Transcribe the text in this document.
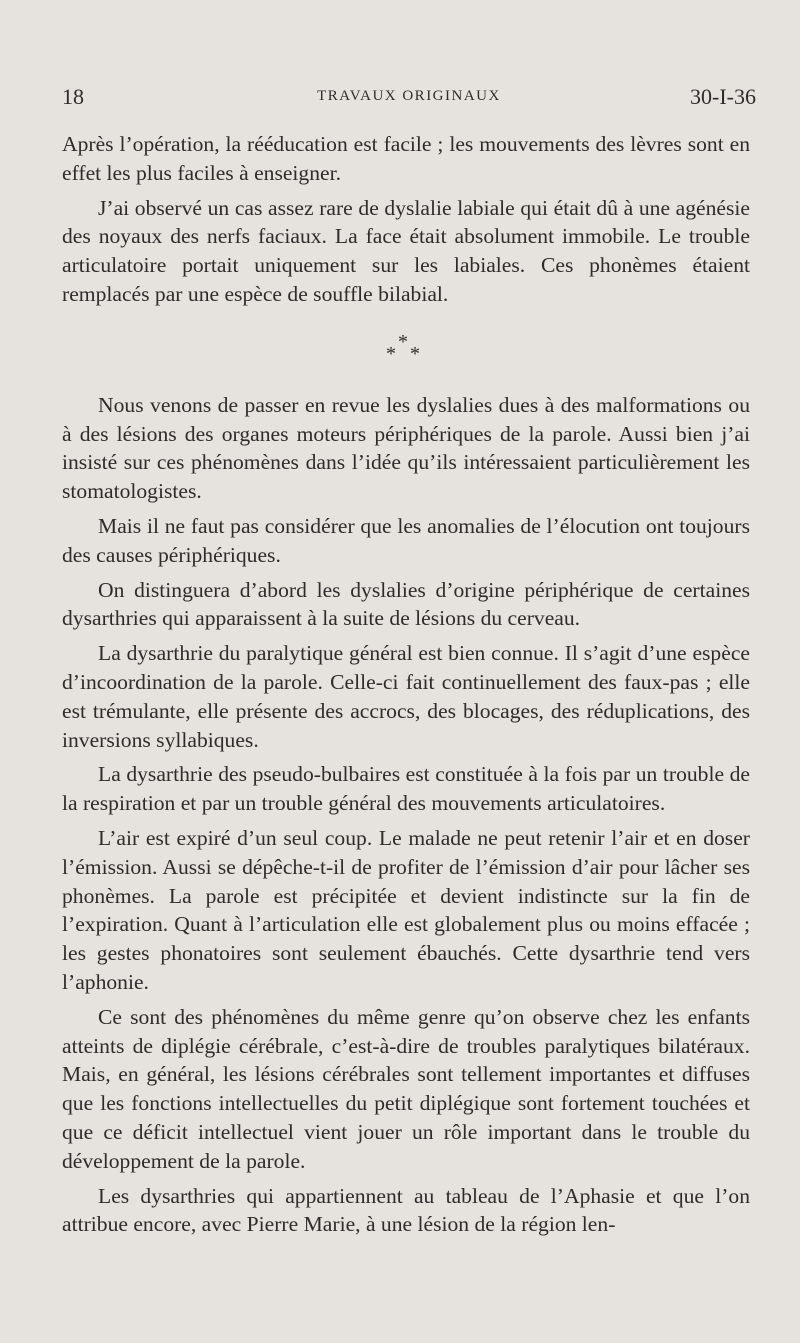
18	TRAVAUX ORIGINAUX	30-I-36

Après l’opération, la rééducation est facile ; les mouvements des lèvres sont en effet les plus faciles à enseigner.

J’ai observé un cas assez rare de dyslalie labiale qui était dû à une agénésie des noyaux des nerfs faciaux. La face était absolument immobile. Le trouble articulatoire portait uniquement sur les labiales. Ces phonèmes étaient remplacés par une espèce de souffle bilabial.

*
* *

Nous venons de passer en revue les dyslalies dues à des malformations ou à des lésions des organes moteurs périphériques de la parole. Aussi bien j’ai insisté sur ces phénomènes dans l’idée qu’ils intéressaient particulièrement les stomatologistes.

Mais il ne faut pas considérer que les anomalies de l’élocution ont toujours des causes périphériques.

On distinguera d’abord les dyslalies d’origine périphérique de certaines dysarthries qui apparaissent à la suite de lésions du cerveau.

La dysarthrie du paralytique général est bien connue. Il s’agit d’une espèce d’incoordination de la parole. Celle-ci fait continuellement des faux-pas ; elle est trémulante, elle présente des accrocs, des blocages, des réduplications, des inversions syllabiques.

La dysarthrie des pseudo-bulbaires est constituée à la fois par un trouble de la respiration et par un trouble général des mouvements articulatoires.

L’air est expiré d’un seul coup. Le malade ne peut retenir l’air et en doser l’émission. Aussi se dépêche-t-il de profiter de l’émission d’air pour lâcher ses phonèmes. La parole est précipitée et devient indistincte sur la fin de l’expiration. Quant à l’articulation elle est globalement plus ou moins effacée ; les gestes phonatoires sont seulement ébauchés. Cette dysarthrie tend vers l’aphonie.

Ce sont des phénomènes du même genre qu’on observe chez les enfants atteints de diplégie cérébrale, c’est-à-dire de troubles paralytiques bilatéraux. Mais, en général, les lésions cérébrales sont tellement importantes et diffuses que les fonctions intellectuelles du petit diplégique sont fortement touchées et que ce déficit intellectuel vient jouer un rôle important dans le trouble du développement de la parole.

Les dysarthries qui appartiennent au tableau de l’Aphasie et que l’on attribue encore, avec Pierre Marie, à une lésion de la région len-
